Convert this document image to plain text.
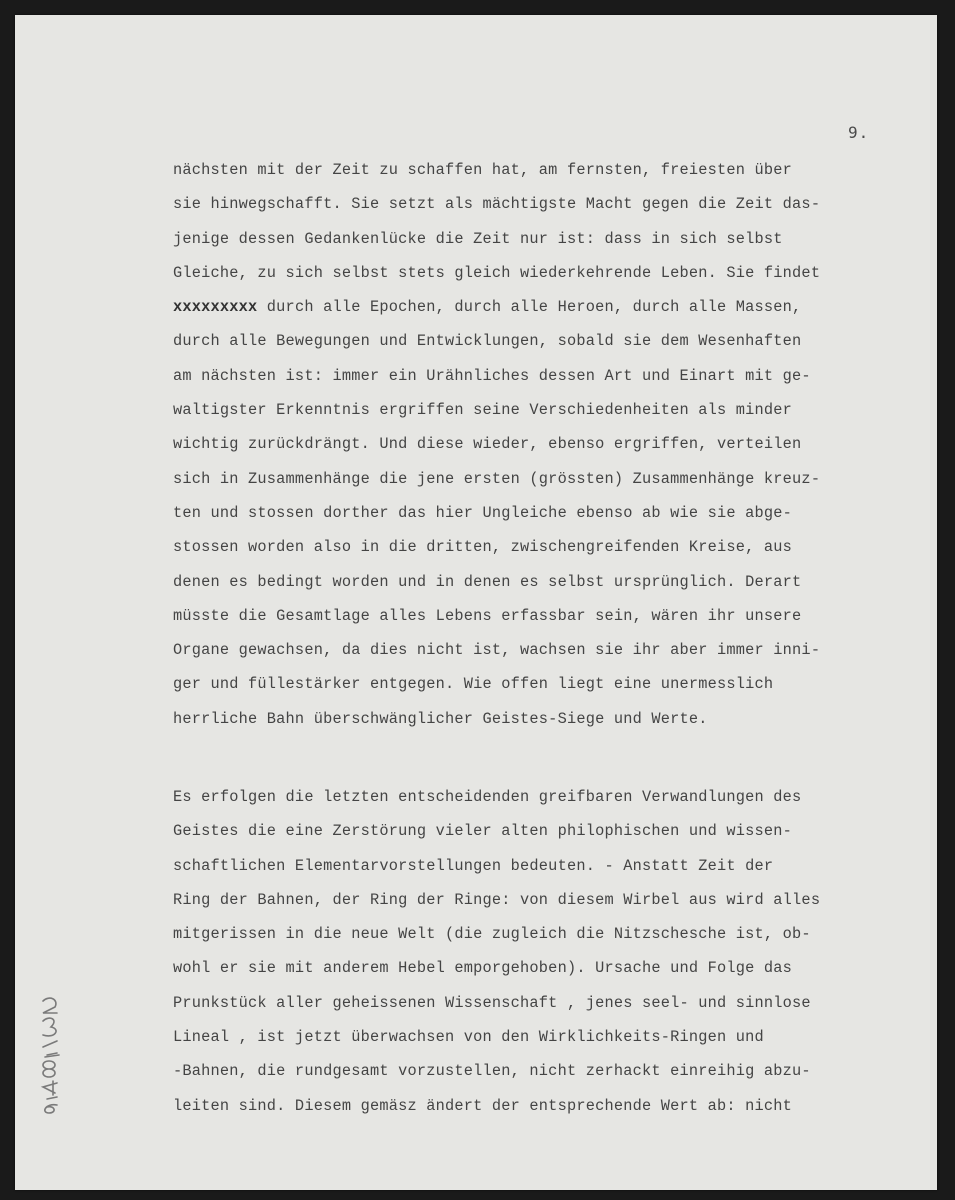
9.
nächsten mit der Zeit zu schaffen hat, am fernsten, freiesten über
sie hinwegschafft. Sie setzt als mächtigste Macht gegen die Zeit das-
jenige dessen Gedankenlücke die Zeit nur ist: dass in sich selbst
Gleiche, zu sich selbst stets gleich wiederkehrende Leben. Sie findet
xxxxxxxxx durch alle Epochen, durch alle Heroen, durch alle Massen,
durch alle Bewegungen und Entwicklungen, sobald sie dem Wesenhaften
am nächsten ist: immer ein Urähnliches dessen Art und Einart mit ge-
waltigster Erkenntnis ergriffen seine Verschiedenheiten als minder
wichtig zurückdrängt. Und diese wieder, ebenso ergriffen, verteilen
sich in Zusammenhänge die jene ersten (grössten) Zusammenhänge kreuz-
ten und stossen dorther das hier Ungleiche ebenso ab wie sie abge-
stossen worden also in die dritten, zwischengreifenden Kreise, aus
denen es bedingt worden und in denen es selbst ursprünglich. Derart
müsste die Gesamtlage alles Lebens erfassbar sein, wären ihr unsere
Organe gewachsen, da dies nicht ist, wachsen sie ihr aber immer inni-
ger und füllestärker entgegen. Wie offen liegt eine unermesslich
herrliche Bahn überschwänglicher Geistes-Siege und Werte.
Es erfolgen die letzten entscheidenden greifbaren Verwandlungen des
Geistes die eine Zerstörung vieler alten philophischen und wissen-
schaftlichen Elementarvorstellungen bedeuten. - Anstatt Zeit der
Ring der Bahnen, der Ring der Ringe: von diesem Wirbel aus wird alles
mitgerissen in die neue Welt (die zugleich die Nitzschesche ist, ob-
wohl er sie mit anderem Hebel emporgehoben). Ursache und Folge das
Prunkstück aller geheissenen Wissenschaft , jenes seel- und sinnlose
Lineal , ist jetzt überwachsen von den Wirklichkeits-Ringen und
-Bahnen, die rundgesamt vorzustellen, nicht zerhackt einreihig abzu-
leiten sind. Diesem gemäsz ändert der entsprechende Wert ab: nicht
